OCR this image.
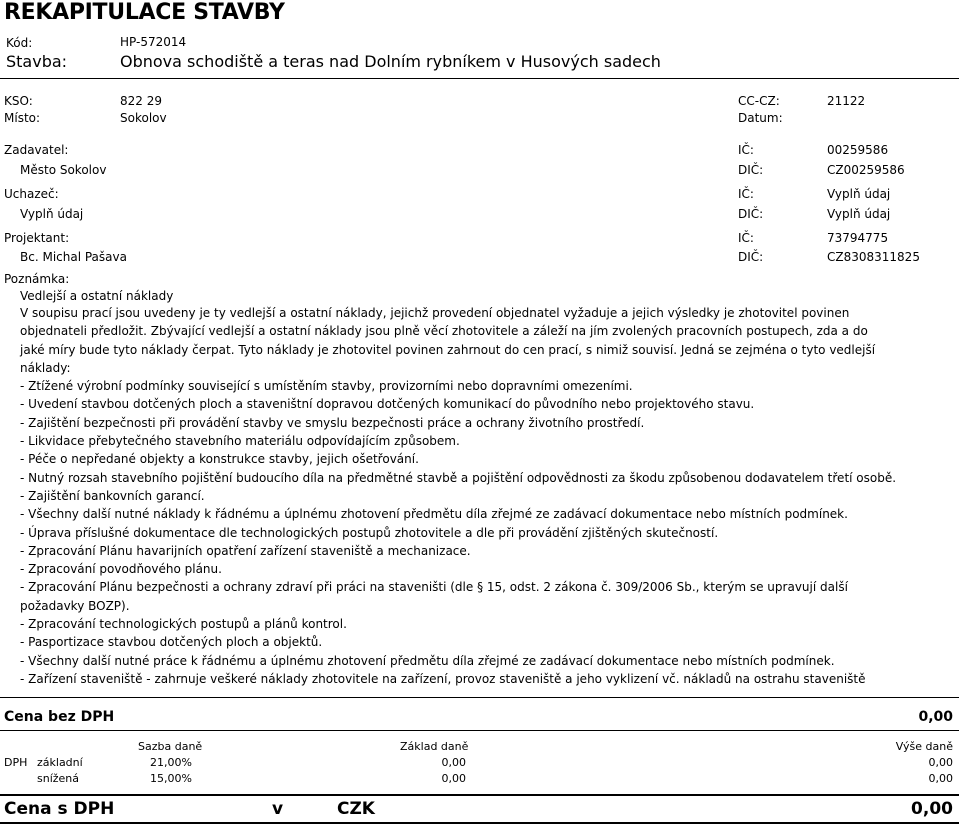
REKAPITULACE STAVBY
Kód:	HP-572014
Stavba:	Obnova schodiště a teras nad Dolním rybníkem v Husových sadech
KSO:	822 29	CC-CZ:	21122
Místo:	Sokolov	Datum:
Zadavatel:
Město Sokolov
IČ:	00259586
DIČ:	CZ00259586
Uchazeč:
Vyplň údaj
IČ:	Vyplň údaj
DIČ:	Vyplň údaj
Projektant:
Bc. Michal Pašava
IČ:	73794775
DIČ:	CZ8308311825
Poznámka:
Vedlejší a ostatní náklady
V soupisu prací jsou uvedeny je ty vedlejší a ostatní náklady, jejichž provedení objednatel vyžaduje a jejich výsledky je zhotovitel povinen
objednateli předložit. Zbývající vedlejší a ostatní náklady jsou plně věcí zhotovitele a záleží na jím zvolených pracovních postupech, zda a do
jaké míry bude tyto náklady čerpat. Tyto náklady je zhotovitel povinen zahrnout do cen prací, s nimiž souvisí. Jedná se zejména o tyto vedlejší
náklady:
- Ztížené výrobní podmínky související s umístěním stavby, provizorními nebo dopravními omezeními.
- Uvedení stavbou dotčených ploch a staveništní dopravou dotčených komunikací do původního nebo projektového stavu.
- Zajištění bezpečnosti při provádění stavby ve smyslu bezpečnosti práce a ochrany životního prostředí.
- Likvidace přebytečného stavebního materiálu odpovídajícím způsobem.
- Péče o nepředané objekty a konstrukce stavby, jejich ošetřování.
- Nutný rozsah stavebního pojištění budoucího díla na předmětné stavbě a pojištění odpovědnosti za škodu způsobenou dodavatelem třetí osobě.
- Zajištění bankovních garancí.
- Všechny další nutné náklady k řádnému a úplnému zhotovení předmětu díla zřejmé ze zadávací dokumentace nebo místních podmínek.
- Úprava příslušné dokumentace dle technologických postupů zhotovitele a dle při provádění zjištěných skutečností.
- Zpracování Plánu havarijních opatření zařízení staveniště a mechanizace.
- Zpracování povodňového plánu.
- Zpracování Plánu bezpečnosti a ochrany zdraví při práci na staveništi (dle § 15, odst. 2 zákona č. 309/2006 Sb., kterým se upravují další
požadavky BOZP).
- Zpracování technologických postupů a plánů kontrol.
- Pasportizace stavbou dotčených ploch a objektů.
- Všechny další nutné práce k řádnému a úplnému zhotovení předmětu díla zřejmé ze zadávací dokumentace nebo místních podmínek.
- Zařízení staveniště - zahrnuje veškeré náklady zhotovitele na zařízení, provoz staveniště a jeho vyklizení vč. nákladů na ostrahu staveniště
Cena bez DPH	0,00
Sazba daně	Základ daně	Výše daně
DPH základní	21,00%	0,00	0,00
snížená	15,00%	0,00	0,00
Cena s DPH	v	CZK	0,00
